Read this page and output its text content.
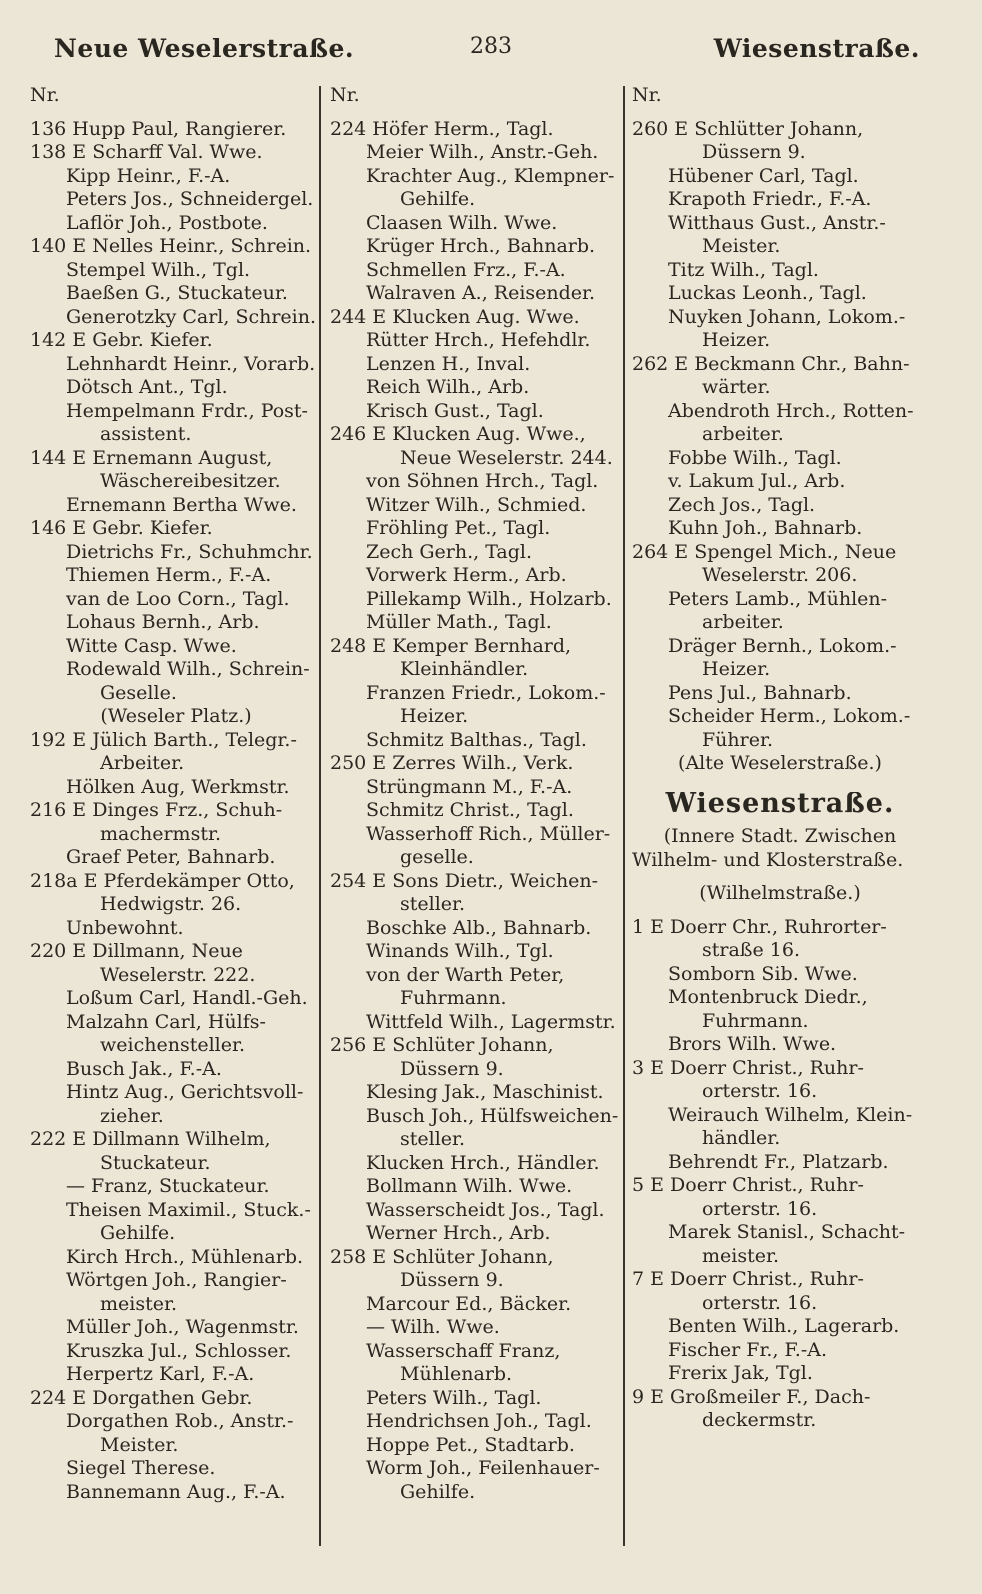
Neue Weselerstraße.	283	Wiesenstraße.
Nr.
136 Hupp Paul, Rangierer.
138 E Scharff Val. Wwe.
Kipp Heinr., F.-A.
Peters Jos., Schneidergel.
Laflör Joh., Postbote.
140 E Nelles Heinr., Schrein.
Stempel Wilh., Tgl.
Baeßen G., Stuckateur.
Generotzky Carl, Schrein.
142 E Gebr. Kiefer.
Lehnhardt Heinr., Vorarb.
Dötsch Ant., Tgl.
Hempelmann Frdr., Post-
assistent.
144 E Ernemann August,
Wäschereibesitzer.
Ernemann Bertha Wwe.
146 E Gebr. Kiefer.
Dietrichs Fr., Schuhmchr.
Thiemen Herm., F.-A.
van de Loo Corn., Tagl.
Lohaus Bernh., Arb.
Witte Casp. Wwe.
Rodewald Wilh., Schrein-
Geselle.
(Weseler Platz.)
192 E Jülich Barth., Telegr.-
Arbeiter.
Hölken Aug, Werkmstr.
216 E Dinges Frz., Schuh-
machermstr.
Graef Peter, Bahnarb.
218a E Pferdekämper Otto,
Hedwigstr. 26.
Unbewohnt.
220 E Dillmann, Neue
Weselerstr. 222.
Loßum Carl, Handl.-Geh.
Malzahn Carl, Hülfs-
weichensteller.
Busch Jak., F.-A.
Hintz Aug., Gerichtsvoll-
zieher.
222 E Dillmann Wilhelm,
Stuckateur.
— Franz, Stuckateur.
Theisen Maximil., Stuck.-
Gehilfe.
Kirch Hrch., Mühlenarb.
Wörtgen Joh., Rangier-
meister.
Müller Joh., Wagenmstr.
Kruszka Jul., Schlosser.
Herpertz Karl, F.-A.
224 E Dorgathen Gebr.
Dorgathen Rob., Anstr.-
Meister.
Siegel Therese.
Bannemann Aug., F.-A.
Nr.
224 Höfer Herm., Tagl.
Meier Wilh., Anstr.-Geh.
Krachter Aug., Klempner-
Gehilfe.
Claasen Wilh. Wwe.
Krüger Hrch., Bahnarb.
Schmellen Frz., F.-A.
Walraven A., Reisender.
244 E Klucken Aug. Wwe.
Rütter Hrch., Hefehdlr.
Lenzen H., Inval.
Reich Wilh., Arb.
Krisch Gust., Tagl.
246 E Klucken Aug. Wwe.,
Neue Weselerstr. 244.
von Söhnen Hrch., Tagl.
Witzer Wilh., Schmied.
Fröhling Pet., Tagl.
Zech Gerh., Tagl.
Vorwerk Herm., Arb.
Pillekamp Wilh., Holzarb.
Müller Math., Tagl.
248 E Kemper Bernhard,
Kleinhändler.
Franzen Friedr., Lokom.-
Heizer.
Schmitz Balthas., Tagl.
250 E Zerres Wilh., Verk.
Strüngmann M., F.-A.
Schmitz Christ., Tagl.
Wasserhoff Rich., Müller-
geselle.
254 E Sons Dietr., Weichen-
steller.
Boschke Alb., Bahnarb.
Winands Wilh., Tgl.
von der Warth Peter,
Fuhrmann.
Wittfeld Wilh., Lagermstr.
256 E Schlüter Johann,
Düssern 9.
Klesing Jak., Maschinist.
Busch Joh., Hülfsweichen-
steller.
Klucken Hrch., Händler.
Bollmann Wilh. Wwe.
Wasserscheidt Jos., Tagl.
Werner Hrch., Arb.
258 E Schlüter Johann,
Düssern 9.
Marcour Ed., Bäcker.
— Wilh. Wwe.
Wasserschaff Franz,
Mühlenarb.
Peters Wilh., Tagl.
Hendrichsen Joh., Tagl.
Hoppe Pet., Stadtarb.
Worm Joh., Feilenhauer-
Gehilfe.
Nr.
260 E Schlütter Johann,
Düssern 9.
Hübener Carl, Tagl.
Krapoth Friedr., F.-A.
Witthaus Gust., Anstr.-
Meister.
Titz Wilh., Tagl.
Luckas Leonh., Tagl.
Nuyken Johann, Lokom.-
Heizer.
262 E Beckmann Chr., Bahn-
wärter.
Abendroth Hrch., Rotten-
arbeiter.
Fobbe Wilh., Tagl.
v. Lakum Jul., Arb.
Zech Jos., Tagl.
Kuhn Joh., Bahnarb.
264 E Spengel Mich., Neue
Weselerstr. 206.
Peters Lamb., Mühlen-
arbeiter.
Dräger Bernh., Lokom.-
Heizer.
Pens Jul., Bahnarb.
Scheider Herm., Lokom.-
Führer.
(Alte Weselerstraße.)
Wiesenstraße.
(Innere Stadt. Zwischen
Wilhelm- und Klosterstraße.
(Wilhelmstraße.)
1 E Doerr Chr., Ruhrorter-
straße 16.
Somborn Sib. Wwe.
Montenbruck Diedr.,
Fuhrmann.
Brors Wilh. Wwe.
3 E Doerr Christ., Ruhr-
orterstr. 16.
Weirauch Wilhelm, Klein-
händler.
Behrendt Fr., Platzarb.
5 E Doerr Christ., Ruhr-
orterstr. 16.
Marek Stanisl., Schacht-
meister.
7 E Doerr Christ., Ruhr-
orterstr. 16.
Benten Wilh., Lagerarb.
Fischer Fr., F.-A.
Frerix Jak, Tgl.
9 E Großmeiler F., Dach-
deckermstr.
